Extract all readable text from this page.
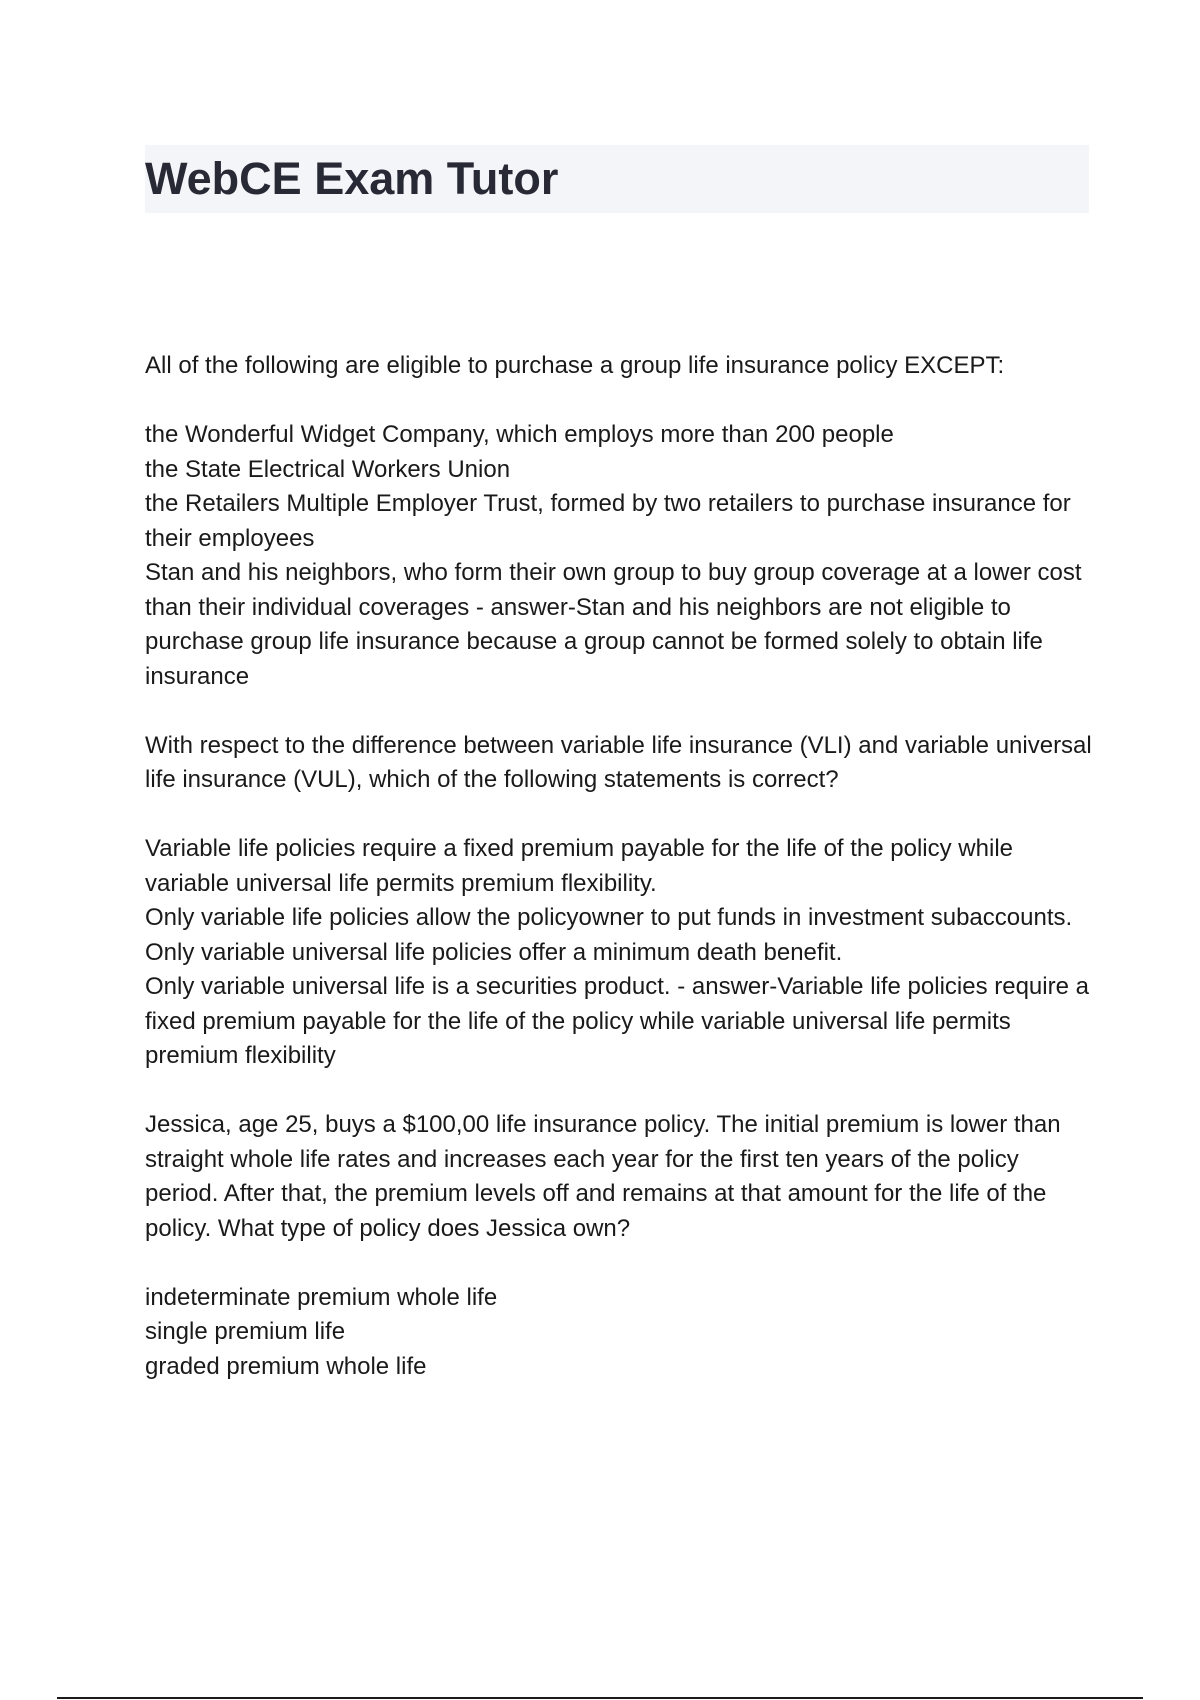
WebCE Exam Tutor
All of the following are eligible to purchase a group life insurance policy EXCEPT:
the Wonderful Widget Company, which employs more than 200 people
the State Electrical Workers Union
the Retailers Multiple Employer Trust, formed by two retailers to purchase insurance for their employees
Stan and his neighbors, who form their own group to buy group coverage at a lower cost than their individual coverages - answer-Stan and his neighbors are not eligible to purchase group life insurance because a group cannot be formed solely to obtain life insurance
With respect to the difference between variable life insurance (VLI) and variable universal life insurance (VUL), which of the following statements is correct?
Variable life policies require a fixed premium payable for the life of the policy while variable universal life permits premium flexibility.
Only variable life policies allow the policyowner to put funds in investment subaccounts.
Only variable universal life policies offer a minimum death benefit.
Only variable universal life is a securities product. - answer-Variable life policies require a fixed premium payable for the life of the policy while variable universal life permits premium flexibility
Jessica, age 25, buys a $100,00 life insurance policy. The initial premium is lower than straight whole life rates and increases each year for the first ten years of the policy period. After that, the premium levels off and remains at that amount for the life of the policy. What type of policy does Jessica own?
indeterminate premium whole life
single premium life
graded premium whole life
